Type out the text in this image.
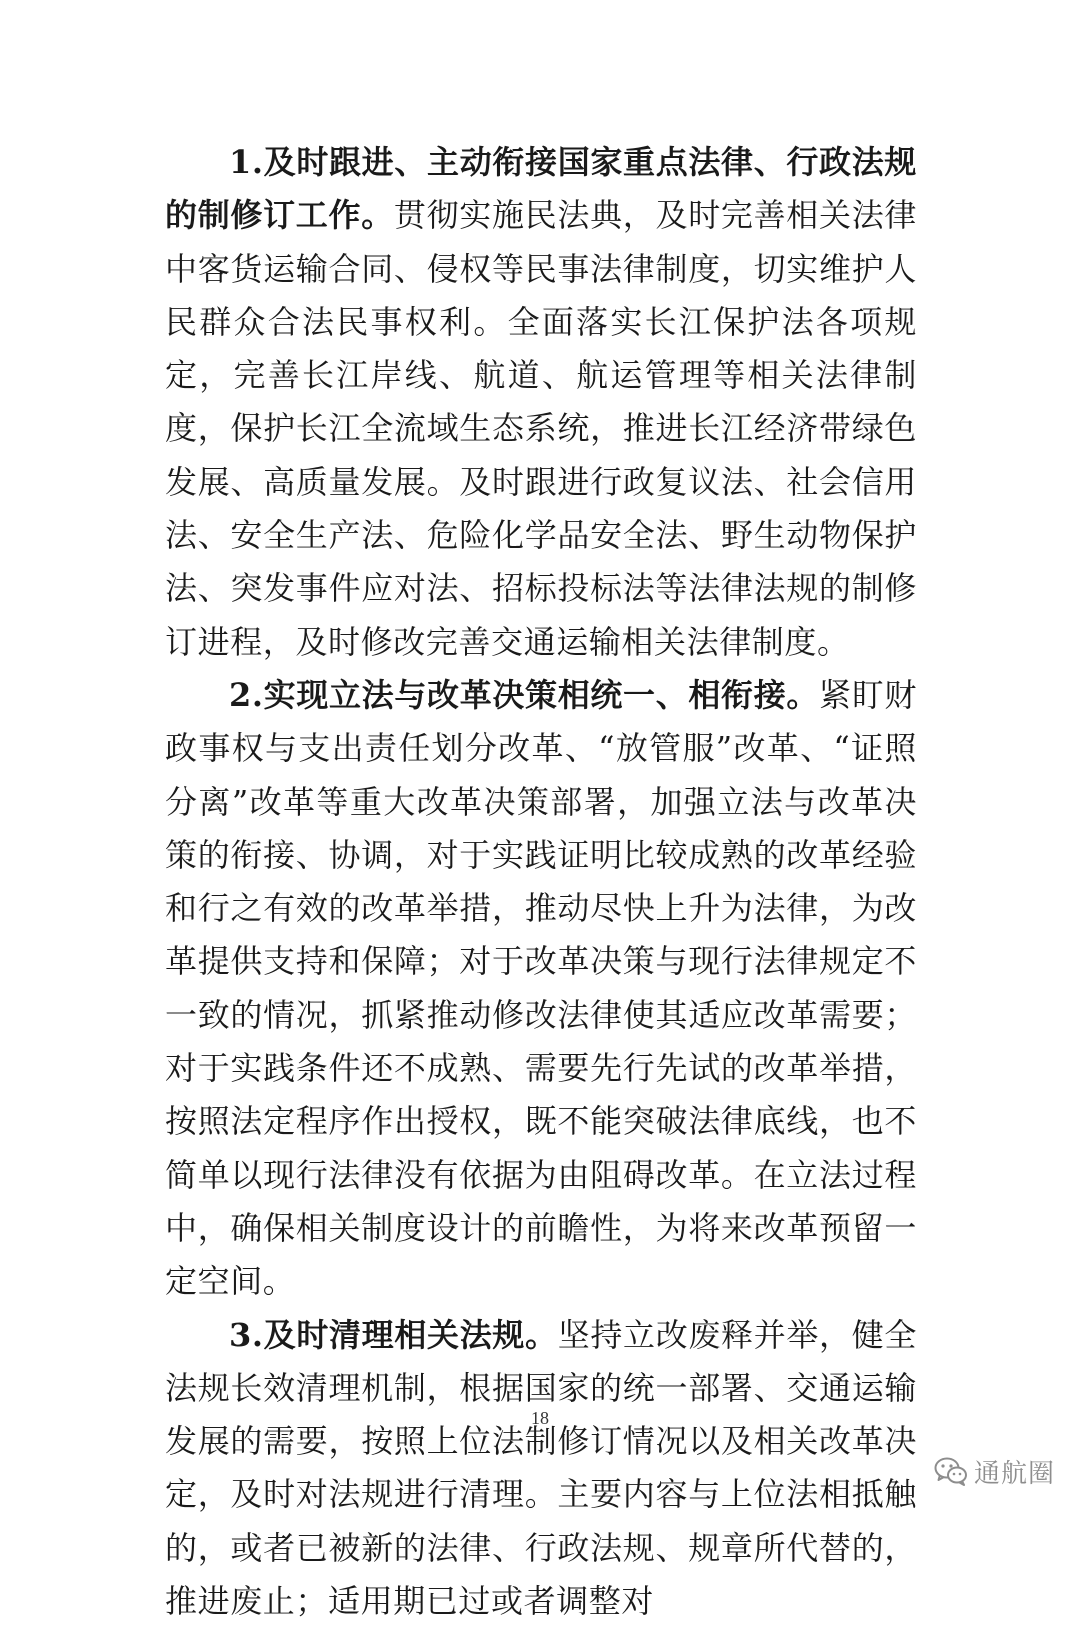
1.及时跟进、主动衔接国家重点法律、行政法规的制修订工作。贯彻实施民法典，及时完善相关法律中客货运输合同、侵权等民事法律制度，切实维护人民群众合法民事权利。全面落实长江保护法各项规定，完善长江岸线、航道、航运管理等相关法律制度，保护长江全流域生态系统，推进长江经济带绿色发展、高质量发展。及时跟进行政复议法、社会信用法、安全生产法、危险化学品安全法、野生动物保护法、突发事件应对法、招标投标法等法律法规的制修订进程，及时修改完善交通运输相关法律制度。

2.实现立法与改革决策相统一、相衔接。紧盯财政事权与支出责任划分改革、“放管服”改革、“证照分离”改革等重大改革决策部署，加强立法与改革决策的衔接、协调，对于实践证明比较成熟的改革经验和行之有效的改革举措，推动尽快上升为法律，为改革提供支持和保障；对于改革决策与现行法律规定不一致的情况，抓紧推动修改法律使其适应改革需要；对于实践条件还不成熟、需要先行先试的改革举措，按照法定程序作出授权，既不能突破法律底线，也不简单以现行法律没有依据为由阻碍改革。在立法过程中，确保相关制度设计的前瞻性，为将来改革预留一定空间。

3.及时清理相关法规。坚持立改废释并举，健全法规长效清理机制，根据国家的统一部署、交通运输发展的需要，按照上位法制修订情况以及相关改革决定，及时对法规进行清理。主要内容与上位法相抵触的，或者已被新的法律、行政法规、规章所代替的，推进废止；适用期已过或者调整对

18
通航圈
